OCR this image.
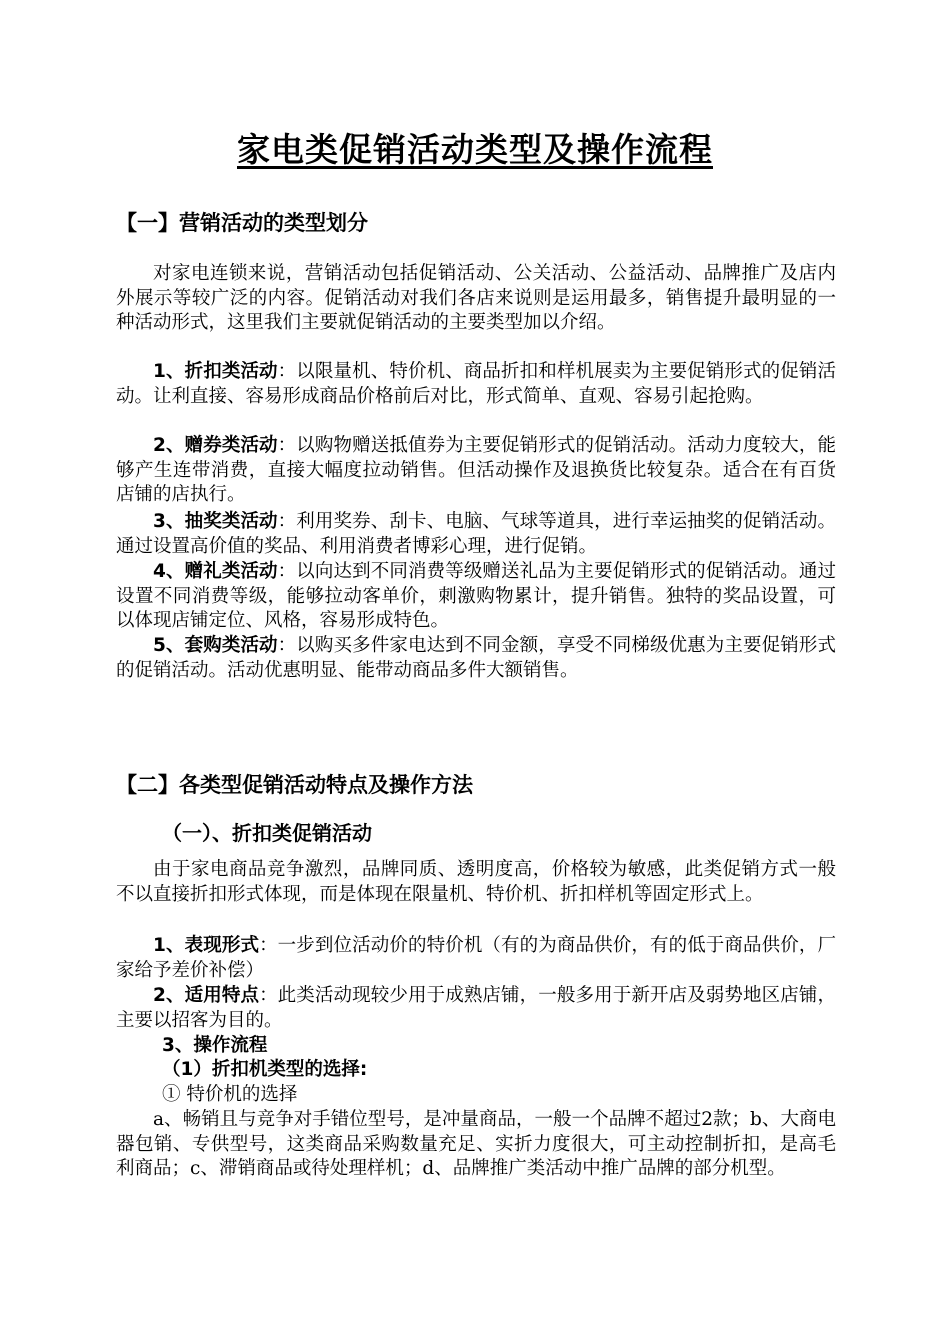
家电类促销活动类型及操作流程
【一】营销活动的类型划分

对家电连锁来说，营销活动包括促销活动、公关活动、公益活动、品牌推广及店内外展示等较广泛的内容。促销活动对我们各店来说则是运用最多，销售提升最明显的一种活动形式，这里我们主要就促销活动的主要类型加以介绍。

1、折扣类活动：以限量机、特价机、商品折扣和样机展卖为主要促销形式的促销活动。让利直接、容易形成商品价格前后对比，形式简单、直观、容易引起抢购。

2、赠券类活动：以购物赠送抵值券为主要促销形式的促销活动。活动力度较大，能够产生连带消费，直接大幅度拉动销售。但活动操作及退换货比较复杂。适合在有百货店铺的店执行。

3、抽奖类活动：利用奖券、刮卡、电脑、气球等道具，进行幸运抽奖的促销活动。通过设置高价值的奖品、利用消费者博彩心理，进行促销。

4、赠礼类活动：以向达到不同消费等级赠送礼品为主要促销形式的促销活动。通过设置不同消费等级，能够拉动客单价，刺激购物累计，提升销售。独特的奖品设置，可以体现店铺定位、风格，容易形成特色。

5、套购类活动：以购买多件家电达到不同金额，享受不同梯级优惠为主要促销形式的促销活动。活动优惠明显、能带动商品多件大额销售。

【二】各类型促销活动特点及操作方法
（一）、折扣类促销活动

由于家电商品竞争激烈，品牌同质、透明度高，价格较为敏感，此类促销方式一般不以直接折扣形式体现，而是体现在限量机、特价机、折扣样机等固定形式上。

1、表现形式：一步到位活动价的特价机（有的为商品供价，有的低于商品供价，厂家给予差价补偿）

2、适用特点：此类活动现较少用于成熟店铺，一般多用于新开店及弱势地区店铺，主要以招客为目的。

3、操作流程
（1）折扣机类型的选择:
① 特价机的选择

a、畅销且与竞争对手错位型号，是冲量商品，一般一个品牌不超过2款；b、大商电器包销、专供型号，这类商品采购数量充足、实折力度很大，可主动控制折扣，是高毛利商品；c、滞销商品或待处理样机；d、品牌推广类活动中推广品牌的部分机型。
